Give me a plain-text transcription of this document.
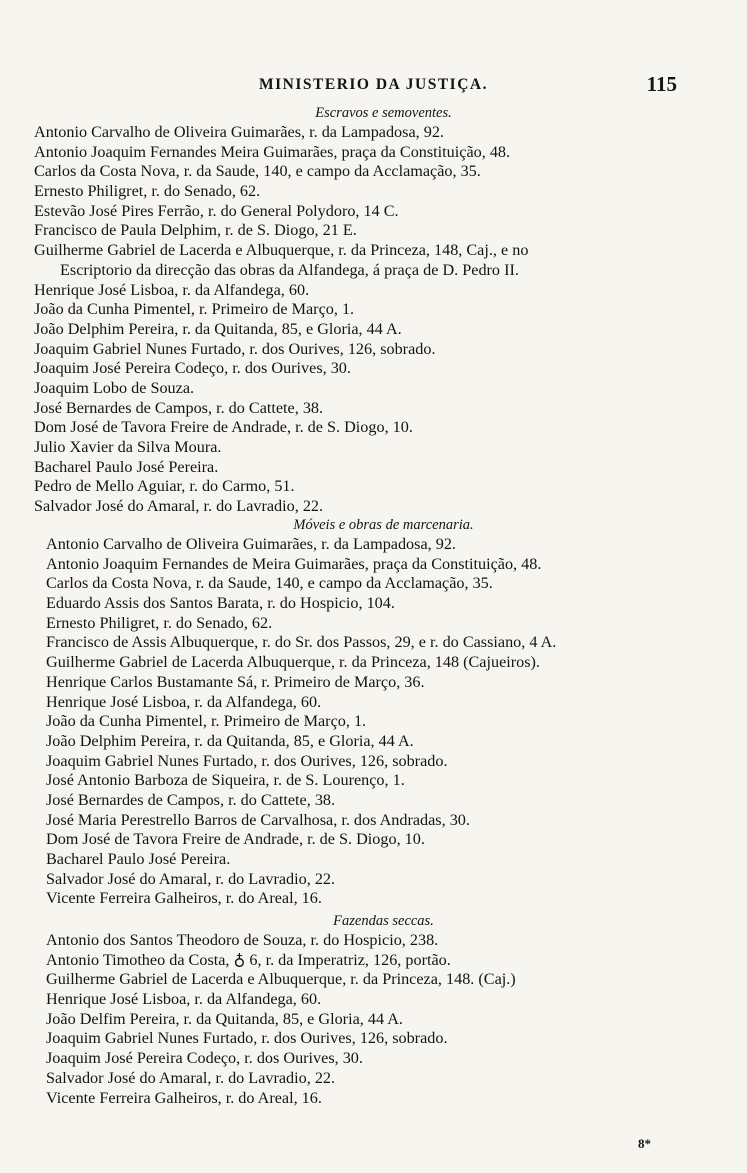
MINISTERIO DA JUSTIÇA.	115
Escravos e semoventes.
Antonio Carvalho de Oliveira Guimarães, r. da Lampadosa, 92.
Antonio Joaquim Fernandes Meira Guimarães, praça da Constituição, 48.
Carlos da Costa Nova, r. da Saude, 140, e campo da Acclamação, 35.
Ernesto Philigret, r. do Senado, 62.
Estevão José Pires Ferrão, r. do General Polydoro, 14 C.
Francisco de Paula Delphim, r. de S. Diogo, 21 E.
Guilherme Gabriel de Lacerda e Albuquerque, r. da Princeza, 148, Caj., e no
Escriptorio da direcção das obras da Alfandega, á praça de D. Pedro II.
Henrique José Lisboa, r. da Alfandega, 60.
João da Cunha Pimentel, r. Primeiro de Março, 1.
João Delphim Pereira, r. da Quitanda, 85, e Gloria, 44 A.
Joaquim Gabriel Nunes Furtado, r. dos Ourives, 126, sobrado.
Joaquim José Pereira Codeço, r. dos Ourives, 30.
Joaquim Lobo de Souza.
José Bernardes de Campos, r. do Cattete, 38.
Dom José de Tavora Freire de Andrade, r. de S. Diogo, 10.
Julio Xavier da Silva Moura.
Bacharel Paulo José Pereira.
Pedro de Mello Aguiar, r. do Carmo, 51.
Salvador José do Amaral, r. do Lavradio, 22.
Móveis e obras de marcenaria.
Antonio Carvalho de Oliveira Guimarães, r. da Lampadosa, 92.
Antonio Joaquim Fernandes de Meira Guimarães, praça da Constituição, 48.
Carlos da Costa Nova, r. da Saude, 140, e campo da Acclamação, 35.
Eduardo Assis dos Santos Barata, r. do Hospicio, 104.
Ernesto Philigret, r. do Senado, 62.
Francisco de Assis Albuquerque, r. do Sr. dos Passos, 29, e r. do Cassiano, 4 A.
Guilherme Gabriel de Lacerda Albuquerque, r. da Princeza, 148 (Cajueiros).
Henrique Carlos Bustamante Sá, r. Primeiro de Março, 36.
Henrique José Lisboa, r. da Alfandega, 60.
João da Cunha Pimentel, r. Primeiro de Março, 1.
João Delphim Pereira, r. da Quitanda, 85, e Gloria, 44 A.
Joaquim Gabriel Nunes Furtado, r. dos Ourives, 126, sobrado.
José Antonio Barboza de Siqueira, r. de S. Lourenço, 1.
José Bernardes de Campos, r. do Cattete, 38.
José Maria Perestrello Barros de Carvalhosa, r. dos Andradas, 30.
Dom José de Tavora Freire de Andrade, r. de S. Diogo, 10.
Bacharel Paulo José Pereira.
Salvador José do Amaral, r. do Lavradio, 22.
Vicente Ferreira Galheiros, r. do Areal, 16.
Fazendas seccas.
Antonio dos Santos Theodoro de Souza, r. do Hospicio, 238.
Antonio Timotheo da Costa, ♁ 6, r. da Imperatriz, 126, portão.
Guilherme Gabriel de Lacerda e Albuquerque, r. da Princeza, 148. (Caj.)
Henrique José Lisboa, r. da Alfandega, 60.
João Delfim Pereira, r. da Quitanda, 85, e Gloria, 44 A.
Joaquim Gabriel Nunes Furtado, r. dos Ourives, 126, sobrado.
Joaquim José Pereira Codeço, r. dos Ourives, 30.
Salvador José do Amaral, r. do Lavradio, 22.
Vicente Ferreira Galheiros, r. do Areal, 16.
8*
